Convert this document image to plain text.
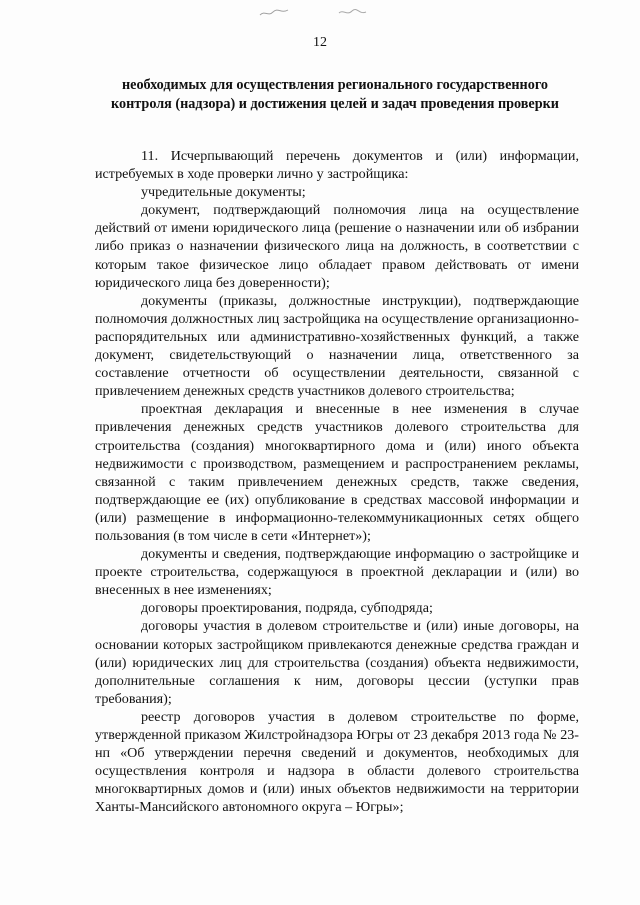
12
необходимых для осуществления регионального государственного контроля (надзора) и достижения целей и задач проведения проверки

11. Исчерпывающий перечень документов и (или) информации, истребуемых в ходе проверки лично у застройщика:

учредительные документы;

документ, подтверждающий полномочия лица на осуществление действий от имени юридического лица (решение о назначении или об избрании либо приказ о назначении физического лица на должность, в соответствии с которым такое физическое лицо обладает правом действовать от имени юридического лица без доверенности);

документы (приказы, должностные инструкции), подтверждающие полномочия должностных лиц застройщика на осуществление организационно-распорядительных или административно-хозяйственных функций, а также документ, свидетельствующий о назначении лица, ответственного за составление отчетности об осуществлении деятельности, связанной с привлечением денежных средств участников долевого строительства;

проектная декларация и внесенные в нее изменения в случае привлечения денежных средств участников долевого строительства для строительства (создания) многоквартирного дома и (или) иного объекта недвижимости с производством, размещением и распространением рекламы, связанной с таким привлечением денежных средств, также сведения, подтверждающие ее (их) опубликование в средствах массовой информации и (или) размещение в информационно-телекоммуникационных сетях общего пользования (в том числе в сети «Интернет»);

документы и сведения, подтверждающие информацию о застройщике и проекте строительства, содержащуюся в проектной декларации и (или) во внесенных в нее изменениях;

договоры проектирования, подряда, субподряда;

договоры участия в долевом строительстве и (или) иные договоры, на основании которых застройщиком привлекаются денежные средства граждан и (или) юридических лиц для строительства (создания) объекта недвижимости, дополнительные соглашения к ним, договоры цессии (уступки прав требования);

реестр договоров участия в долевом строительстве по форме, утвержденной приказом Жилстройнадзора Югры от 23 декабря 2013 года № 23-нп «Об утверждении перечня сведений и документов, необходимых для осуществления контроля и надзора в области долевого строительства многоквартирных домов и (или) иных объектов недвижимости на территории Ханты-Мансийского автономного округа – Югры»;
